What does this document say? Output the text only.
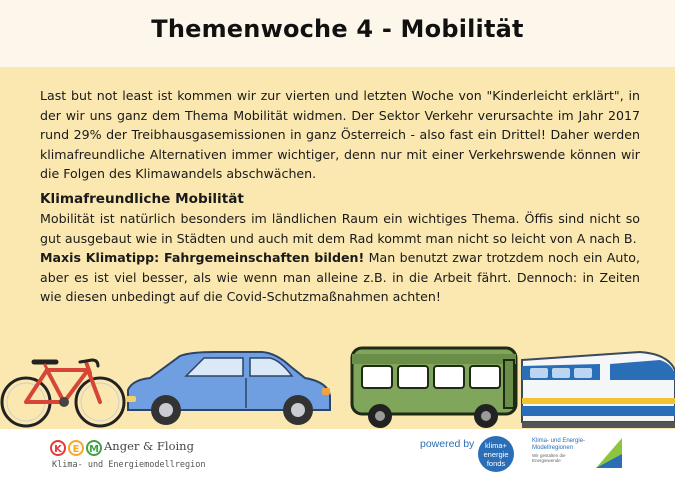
Themenwoche 4 - Mobilität

Last but not least ist kommen wir zur vierten und letzten Woche von "Kinderleicht erklärt", in der wir uns ganz dem Thema Mobilität widmen. Der Sektor Verkehr verursachte im Jahr 2017 rund 29% der Treibhausgasemissionen in ganz Österreich - also fast ein Drittel! Daher werden klimafreundliche Alternativen immer wichtiger, denn nur mit einer Verkehrswende können wir die Folgen des Klimawandels abschwächen.

Klimafreundliche Mobilität

Mobilität ist natürlich besonders im ländlichen Raum ein wichtiges Thema. Öffis sind nicht so gut ausgebaut wie in Städten und auch mit dem Rad kommt man nicht so leicht von A nach B.

Maxis Klimatipp: Fahrgemeinschaften bilden! Man benutzt zwar trotzdem noch ein Auto, aber es ist viel besser, als wie wenn man alleine z.B. in die Arbeit fährt. Dennoch: in Zeiten wie diesen unbedingt auf die Covid-Schutzmaßnahmen achten!

K E M Anger & Floing
Klima- und Energiemodellregion
powered by klima+
energie
fonds
Klima- und Energie-Modellregionen
Wir gestalten die Energiewende
